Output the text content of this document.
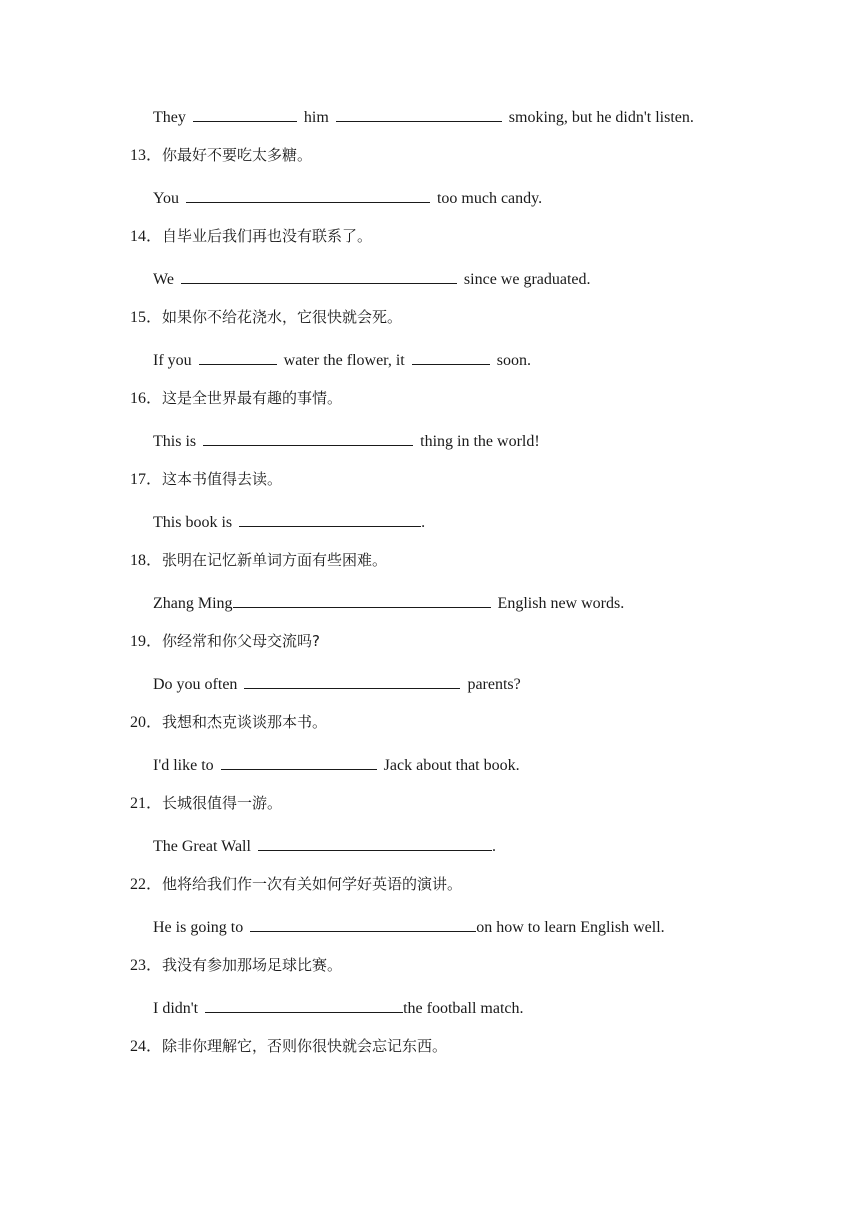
They	him	smoking, but he didn't listen.
13．你最好不要吃太多糖。
You	too much candy.
14．自毕业后我们再也没有联系了。
We	since we graduated.
15．如果你不给花浇水，它很快就会死。
If you	water the flower, it	soon.
16．这是全世界最有趣的事情。
This is	thing in the world!
17．这本书值得去读。
This book is	.
18．张明在记忆新单词方面有些困难。
Zhang Ming	English new words.
19．你经常和你父母交流吗?
Do you often	parents?
20．我想和杰克谈谈那本书。
I'd like to	Jack about that book.
21．长城很值得一游。
The Great Wall	.
22．他将给我们作一次有关如何学好英语的演讲。
He is going to	on how to learn English well.
23．我没有参加那场足球比赛。
I didn't	the football match.
24．除非你理解它，否则你很快就会忘记东西。
